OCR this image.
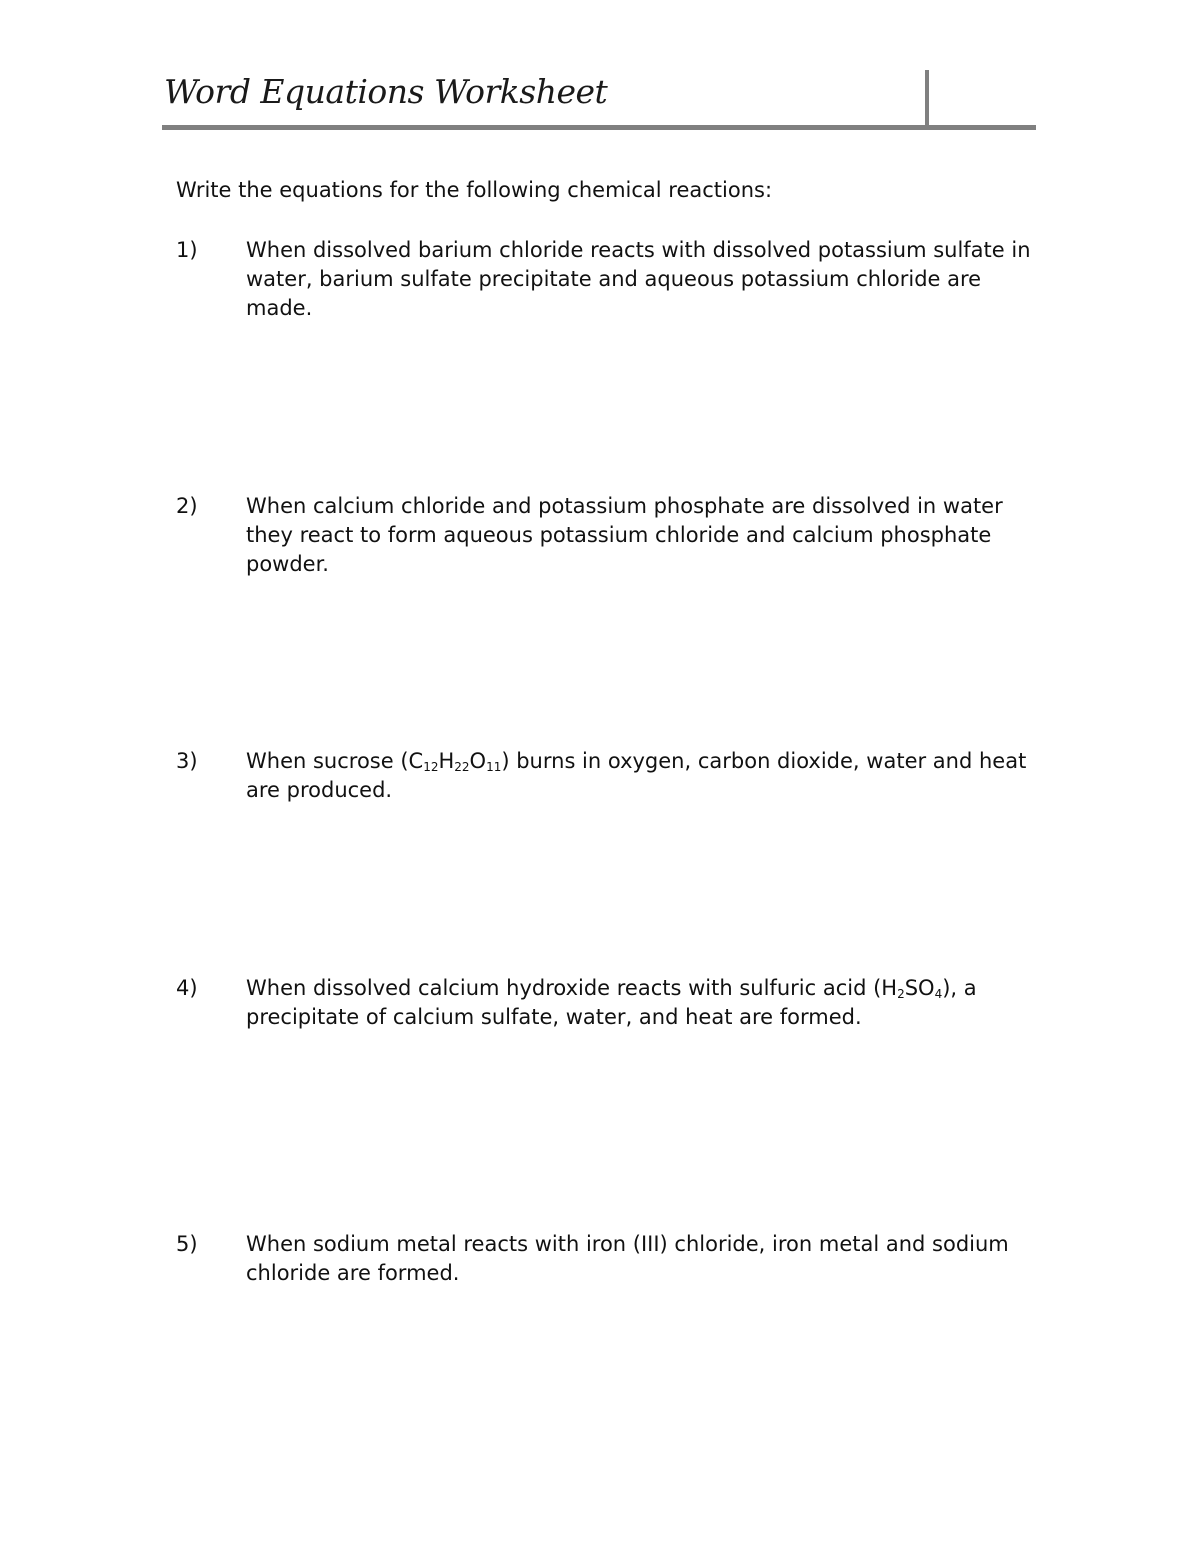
Word Equations Worksheet
Write the equations for the following chemical reactions:
1) When dissolved barium chloride reacts with dissolved potassium sulfate in water, barium sulfate precipitate and aqueous potassium chloride are made.
2) When calcium chloride and potassium phosphate are dissolved in water they react to form aqueous potassium chloride and calcium phosphate powder.
3) When sucrose $(C_{12}H_{22}O_{11})$ burns in oxygen, carbon dioxide, water and heat are produced.
4) When dissolved calcium hydroxide reacts with sulfuric acid $(H_2SO_4)$, a precipitate of calcium sulfate, water, and heat are formed.
5) When sodium metal reacts with iron (III) chloride, iron metal and sodium chloride are formed.
